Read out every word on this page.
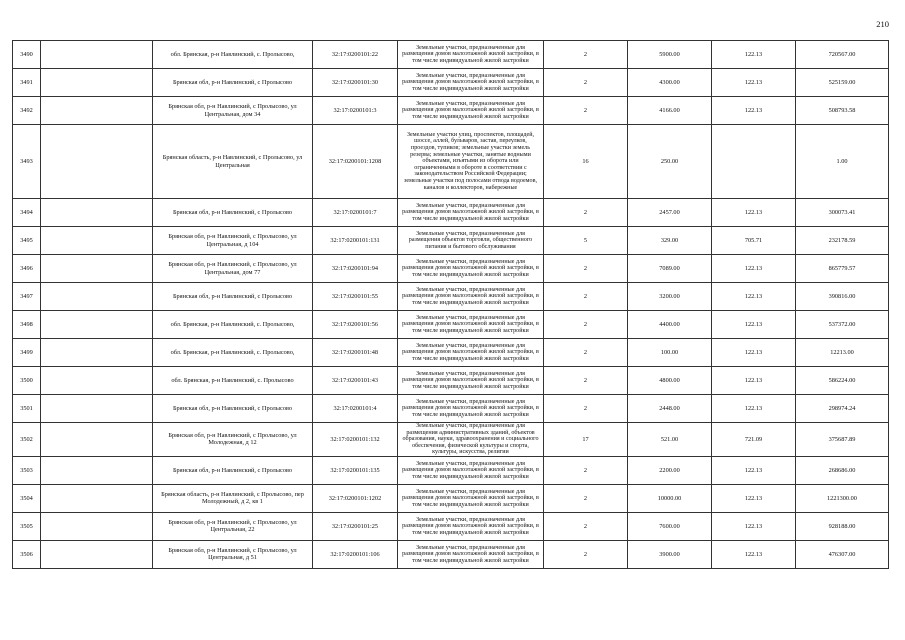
210
3490		обл. Брянская, р-н Навлинский, с. Пролысово,	32:17:0200101:22	Земельные участки, предназначенные для размещения домов малоэтажной жилой застройки, в том числе индивидуальной жилой застройки	2	5900.00	122.13	720567.00
3491		Брянская обл, р-н Навлинский, с Пролысово	32:17:0200101:30	Земельные участки, предназначенные для размещения домов малоэтажной жилой застройки, в том числе индивидуальной жилой застройки	2	4300.00	122.13	525159.00
3492		Брянская обл, р-н Навлинский, с Пролысово, ул Центральная, дом 34	32:17:0200101:3	Земельные участки, предназначенные для размещения домов малоэтажной жилой застройки, в том числе индивидуальной жилой застройки	2	4166.00	122.13	508793.58
3493		Брянская область, р-н Навлинский, с Пролысово, ул Центральная	32:17:0200101:1208	Земельные участки улиц, проспектов, площадей, шоссе, аллей, бульваров, застав, переулков, проездов, тупиков; земельные участки земель резерва; земельные участки, занятые водными объектами, изъятыми из оборота или ограниченными в обороте в соответствии с законодательством Российской Федерации; земельные участки под полосами отвода водоемов, каналов и коллекторов, набережные	16	250.00		1.00
3494		Брянская обл, р-н Навлинский, с Пролысово	32:17:0200101:7	Земельные участки, предназначенные для размещения домов малоэтажной жилой застройки, в том числе индивидуальной жилой застройки	2	2457.00	122.13	300073.41
3495		Брянская обл, р-н Навлинский, с Пролысово, ул Центральная, д 104	32:17:0200101:131	Земельные участки, предназначенные для размещения объектов торговли, общественного питания и бытового обслуживания	5	329.00	705.71	232178.59
3496		Брянская обл, р-н Навлинский, с Пролысово, ул Центральная, дом 77	32:17:0200101:94	Земельные участки, предназначенные для размещения домов малоэтажной жилой застройки, в том числе индивидуальной жилой застройки	2	7089.00	122.13	865779.57
3497		Брянская обл, р-н Навлинский, с Пролысово	32:17:0200101:55	Земельные участки, предназначенные для размещения домов малоэтажной жилой застройки, в том числе индивидуальной жилой застройки	2	3200.00	122.13	390816.00
3498		обл. Брянская, р-н Навлинский, с. Пролысово,	32:17:0200101:56	Земельные участки, предназначенные для размещения домов малоэтажной жилой застройки, в том числе индивидуальной жилой застройки	2	4400.00	122.13	537372.00
3499		обл. Брянская, р-н Навлинский, с. Пролысово,	32:17:0200101:48	Земельные участки, предназначенные для размещения домов малоэтажной жилой застройки, в том числе индивидуальной жилой застройки	2	100.00	122.13	12213.00
3500		обл. Брянская, р-н Навлинский, с. Пролысово	32:17:0200101:43	Земельные участки, предназначенные для размещения домов малоэтажной жилой застройки, в том числе индивидуальной жилой застройки	2	4800.00	122.13	586224.00
3501		Брянская обл, р-н Навлинский, с Пролысово	32:17:0200101:4	Земельные участки, предназначенные для размещения домов малоэтажной жилой застройки, в том числе индивидуальной жилой застройки	2	2448.00	122.13	298974.24
3502		Брянская обл, р-н Навлинский, с Пролысово, ул Молодежная, д 12	32:17:0200101:132	Земельные участки, предназначенные для размещения административных зданий, объектов образования, науки, здравоохранения и социального обеспечения, физической культуры и спорта, культуры, искусства, религии	17	521.00	721.09	375687.89
3503		Брянская обл, р-н Навлинский, с Пролысово	32:17:0200101:135	Земельные участки, предназначенные для размещения домов малоэтажной жилой застройки, в том числе индивидуальной жилой застройки	2	2200.00	122.13	268686.00
3504		Брянская область, р-н Навлинский, с Пролысово, пер Молодежный, д 2, кв 1	32:17:0200101:1202	Земельные участки, предназначенные для размещения домов малоэтажной жилой застройки, в том числе индивидуальной жилой застройки	2	10000.00	122.13	1221300.00
3505		Брянская обл, р-н Навлинский, с Пролысово, ул Центральная, 22	32:17:0200101:25	Земельные участки, предназначенные для размещения домов малоэтажной жилой застройки, в том числе индивидуальной жилой застройки	2	7600.00	122.13	928188.00
3506		Брянская обл, р-н Навлинский, с Пролысово, ул Центральная, д 51	32:17:0200101:106	Земельные участки, предназначенные для размещения домов малоэтажной жилой застройки, в том числе индивидуальной жилой застройки	2	3900.00	122.13	476307.00
